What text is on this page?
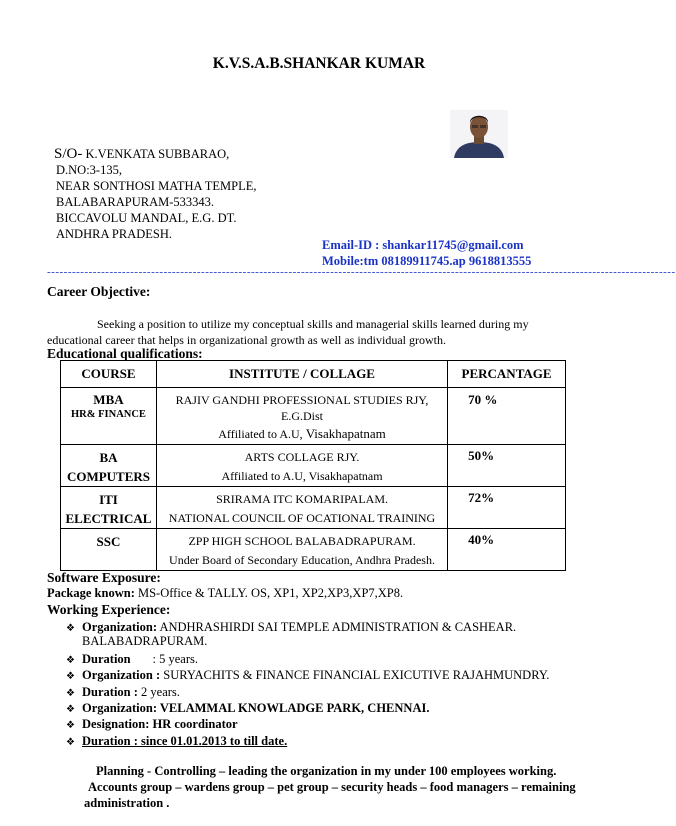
K.V.S.A.B.SHANKAR KUMAR
S/O- K.VENKATA SUBBARAO,
D.NO:3-135,
NEAR SONTHOSI MATHA TEMPLE,
BALABARAPURAM-533343.
BICCAVOLU MANDAL, E.G. DT.
ANDHRA PRADESH.
Email-ID : shankar11745@gmail.com
Mobile:tm 08189911745.ap 9618813555
-------------------------------------------------------------------------------------------------------------------------------------------------------
Career Objective:
Seeking a position to utilize my conceptual skills and managerial skills learned during my educational career that helps in organizational growth as well as individual growth.
Educational qualifications:
COURSE	INSTITUTE / COLLAGE	PERCANTAGE

MBA
HR& FINANCE	RAJIV GANDHI PROFESSIONAL STUDIES RJY, E.G.Dist
Affiliated to A.U, Visakhapatnam	70 %

BA
COMPUTERS	ARTS COLLAGE RJY.
Affiliated to A.U, Visakhapatnam	50%

ITI
ELECTRICAL	SRIRAMA ITC KOMARIPALAM.
NATIONAL COUNCIL OF OCATIONAL TRAINING	72%

SSC	ZPP HIGH SCHOOL BALABADRAPURAM.
Under Board of Secondary Education, Andhra Pradesh.	40%
Software Exposure:
Package known: MS-Office & TALLY. OS, XP1, XP2,XP3,XP7,XP8.
Working Experience:
❖ Organization: ANDHRASHIRDI SAI TEMPLE ADMINISTRATION & CASHEAR.
BALABADRAPURAM.
❖ Duration : 5 years.
❖ Organization : SURYACHITS & FINANCE FINANCIAL EXICUTIVE RAJAHMUNDRY.
❖ Duration : 2 years.
❖ Organization: VELAMMAL KNOWLADGE PARK, CHENNAI.
❖ Designation: HR coordinator
❖ Duration : since 01.01.2013 to till date.
Planning - Controlling – leading the organization in my under 100 employees working.
Accounts group – wardens group – pet group – security heads – food managers – remaining
administration .
